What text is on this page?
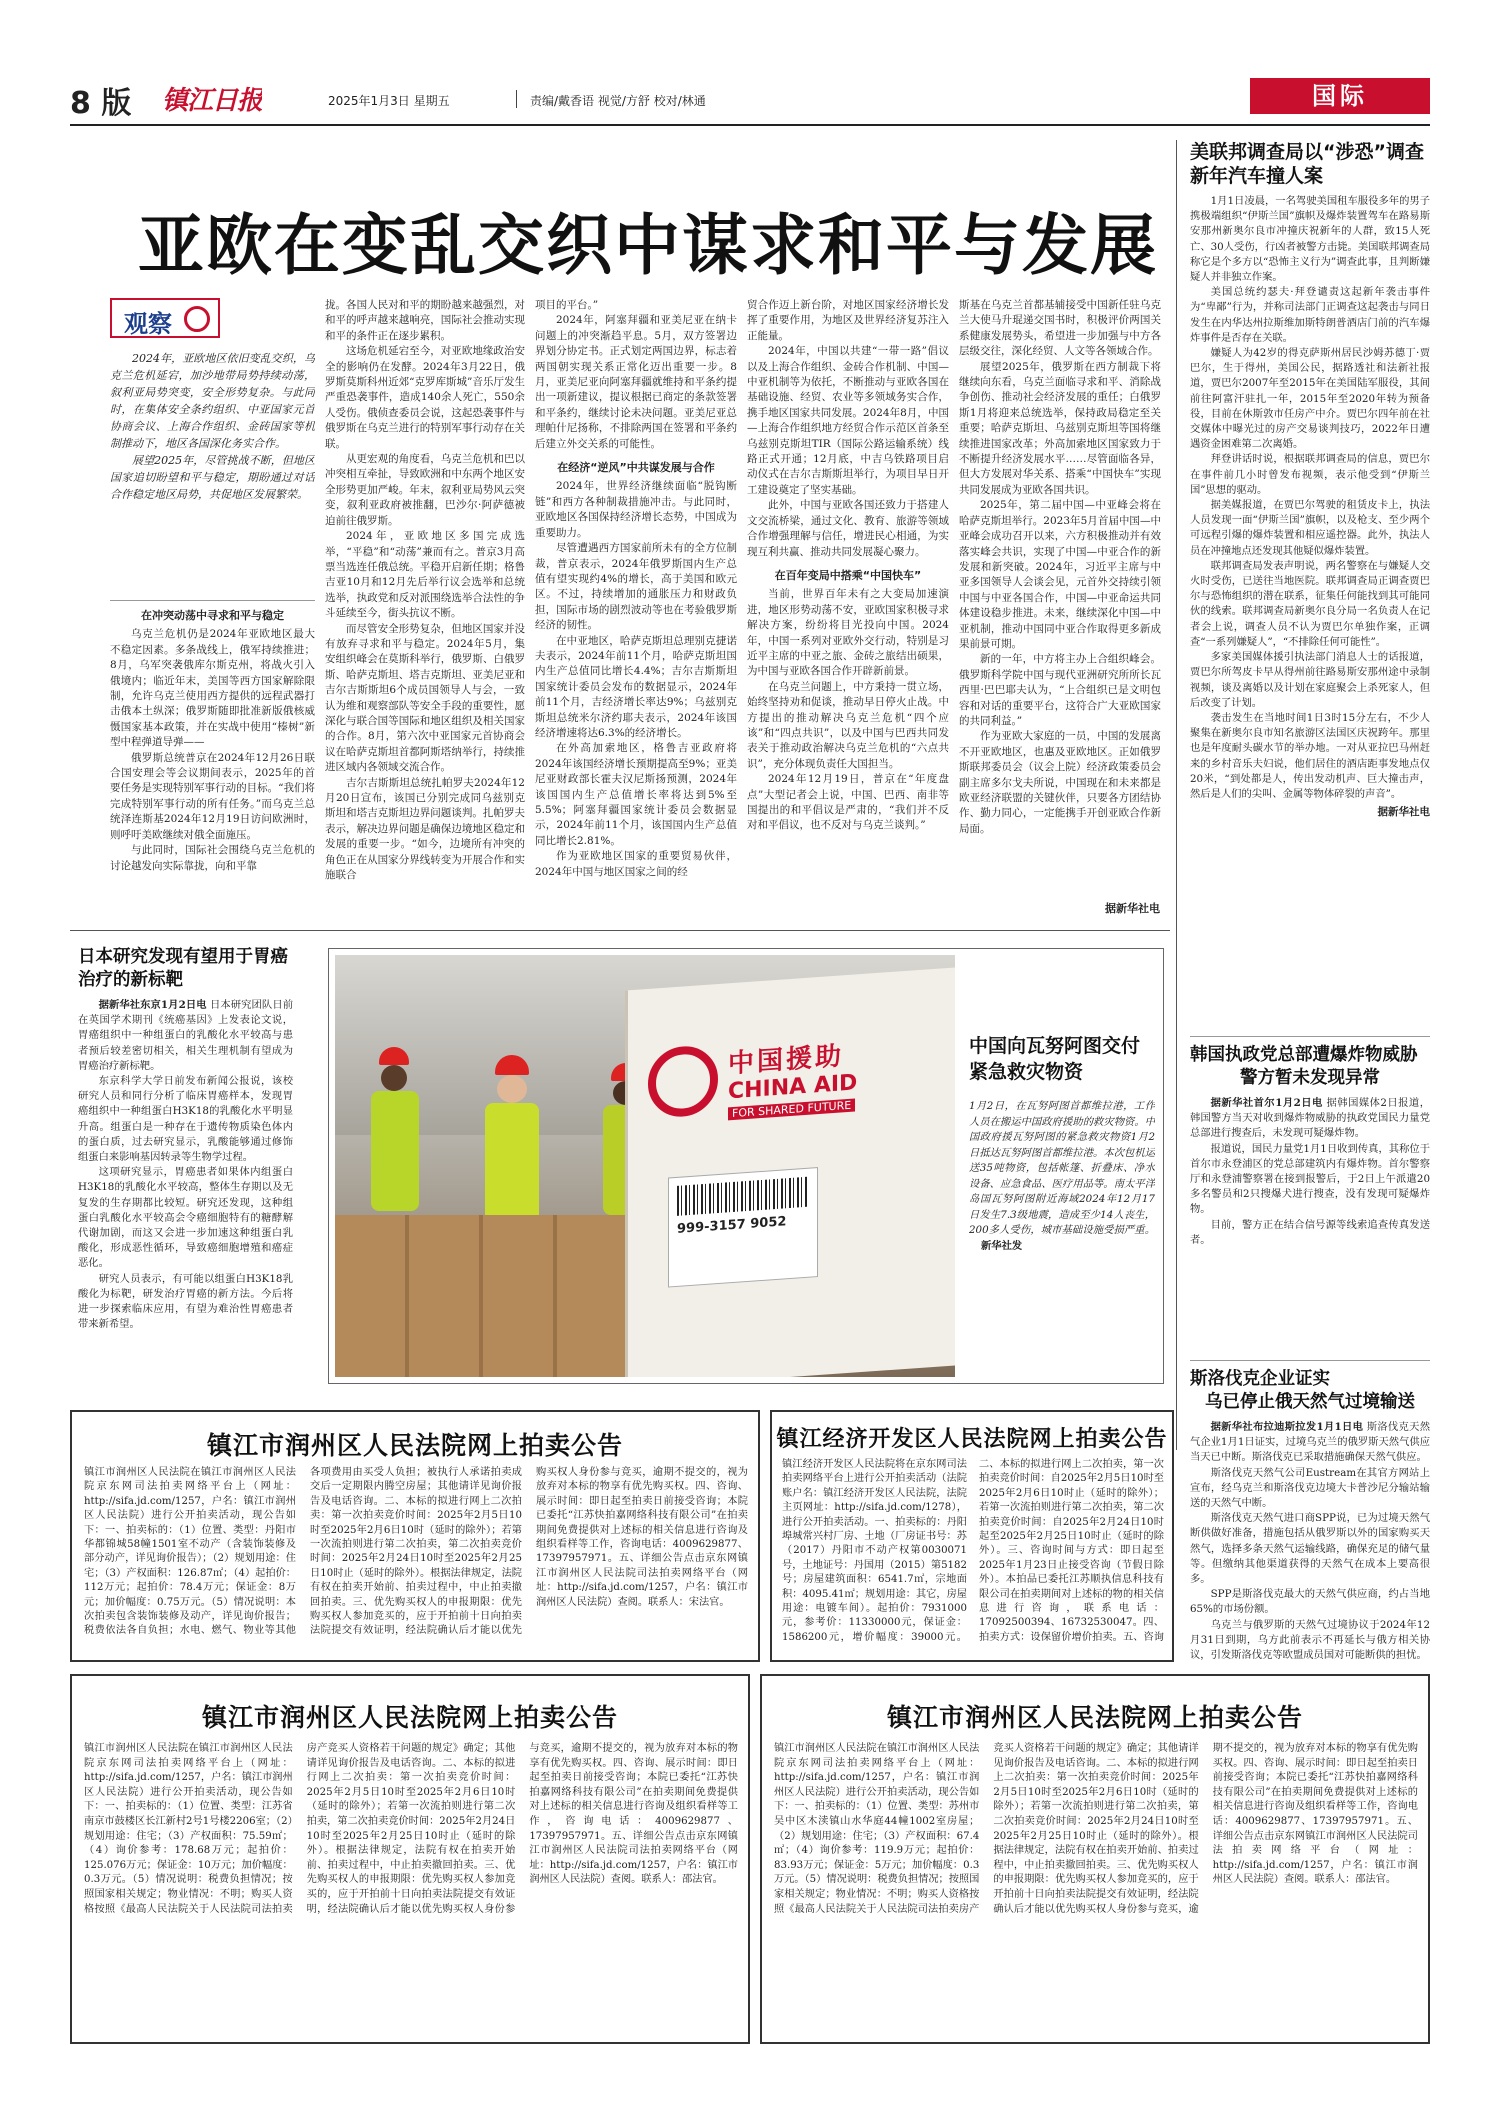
8 版 镇江日报	2025年1月3日 星期五	责编/戴香语 视觉/方舒 校对/林通	国际
亚欧在变乱交织中谋求和平与发展
观察

2024年，亚欧地区依旧变乱交织，乌克兰危机延宕，加沙地带局势持续动荡，叙利亚局势突变，安全形势复杂。与此同时，在集体安全条约组织、中亚国家元首协商会议、上海合作组织、金砖国家等机制推动下，地区各国深化务实合作。

展望2025年，尽管挑战不断，但地区国家追切盼望和平与稳定，期盼通过对话合作稳定地区局势，共促地区发展繁荣。

在冲突动荡中寻求和平与稳定

乌克兰危机仍是2024年亚欧地区最大不稳定因素。多条战线上，俄军持续推进；8月，乌军突袭俄库尔斯克州，将战火引入俄境内；临近年末，美国等西方国家解除限制，允许乌克兰使用西方提供的远程武器打击俄本土纵深；俄罗斯随即批准新版俄核威慑国家基本政策，并在实战中使用“榛树”新型中程弹道导弹——

俄罗斯总统普京在2024年12月26日联合国安理会等会议期间表示，2025年的首要任务是实现特别军事行动的目标。“我们将完成特别军事行动的所有任务。”而乌克兰总统泽连斯基2024年12月19日访问欧洲时，则呼吁美欧继续对俄全面施压。

与此同时，国际社会围绕乌克兰危机的讨论越发向实际靠拢，向和平靠

拢。各国人民对和平的期盼越来越强烈，对和平的呼声越来越响亮，国际社会推动实现和平的条件正在逐步累积。

这场危机延宕至今，对亚欧地缘政治安全的影响仍在发酵。2024年3月22日，俄罗斯莫斯科州近郊“克罗库斯城”音乐厅发生严重恐袭事件，造成140余人死亡，550余人受伤。俄侦查委员会说，这起恐袭事件与俄罗斯在乌克兰进行的特别军事行动存在关联。

从更宏观的角度看，乌克兰危机和巴以冲突相互牵扯，导致欧洲和中东两个地区安全形势更加严峻。年末，叙利亚局势风云突变，叙利亚政府被推翻，巴沙尔·阿萨德被迫前往俄罗斯。

2024年，亚欧地区多国完成选举，“平稳”和“动荡”兼而有之。普京3月高票当选连任俄总统。平稳开启新任期；格鲁吉亚10月和12月先后举行议会选举和总统选举，执政党和反对派围绕选举合法性的争斗延续至今，街头抗议不断。

而尽管安全形势复杂，但地区国家并没有放弃寻求和平与稳定。2024年5月，集安组织峰会在莫斯科举行，俄罗斯、白俄罗斯、哈萨克斯坦、塔吉克斯坦、亚美尼亚和吉尔吉斯斯坦6个成员国领导人与会，一致认为维和观察部队等安全手段的重要性，愿深化与联合国等国际和地区组织及相关国家的合作。8月，第六次中亚国家元首协商会议在哈萨克斯坦首都阿斯塔纳举行，持续推进区域内各领域交流合作。

吉尔吉斯斯坦总统扎帕罗夫2024年12月20日宣布，该国已分别完成同乌兹别克斯坦和塔吉克斯坦边界问题谈判。扎帕罗夫表示，解决边界问题是确保边境地区稳定和发展的重要一步。“如今，边境所有冲突的角色正在从国家分界线转变为开展合作和实施联合

项目的平台。”

2024年，阿塞拜疆和亚美尼亚在纳卡问题上的冲突渐趋平息。5月，双方签署边界划分协定书。正式划定两国边界，标志着两国朝实现关系正常化迈出重要一步。8月，亚美尼亚向阿塞拜疆就维持和平条约提出一项新建议，提议根据已商定的条款签署和平条约，继续讨论未决问题。亚美尼亚总理帕什尼扬称，不排除两国在签署和平条约后建立外交关系的可能性。

在经济“逆风”中共谋发展与合作

2024年，世界经济继续面临“脱钩断链”和西方各种制裁措施冲击。与此同时，亚欧地区各国保持经济增长态势，中国成为重要助力。

尽管遭遇西方国家前所未有的全方位制裁，普京表示，2024年俄罗斯国内生产总值有望实现约4%的增长，高于美国和欧元区。不过，持续增加的通胀压力和财政负担，国际市场的剧烈波动等也在考验俄罗斯经济的韧性。

在中亚地区，哈萨克斯坦总理别克捷诺夫表示，2024年前11个月，哈萨克斯坦国内生产总值同比增长4.4%；吉尔吉斯斯坦国家统计委员会发布的数据显示，2024年前11个月，吉经济增长率达9%；乌兹别克斯坦总统米尔济约耶夫表示，2024年该国经济增速将达6.3%的经济增长。

在外高加索地区，格鲁吉亚政府将2024年该国经济增长预期提高至9%；亚美尼亚财政部长霍夫汉尼斯扬预测，2024年该国国内生产总值增长率将达到5%至5.5%；阿塞拜疆国家统计委员会数据显示，2024年前11个月，该国国内生产总值同比增长2.81%。

作为亚欧地区国家的重要贸易伙伴，2024年中国与地区国家之间的经

贸合作迈上新台阶，对地区国家经济增长发挥了重要作用，为地区及世界经济复苏注入正能量。

2024年，中国以共建“一带一路”倡议以及上海合作组织、金砖合作机制、中国—中亚机制等为依托，不断推动与亚欧各国在基础设施、经贸、农业等多领域务实合作，携手地区国家共同发展。2024年8月，中国—上海合作组织地方经贸合作示范区首条至乌兹别克斯坦TIR（国际公路运输系统）线路正式开通；12月底，中吉乌铁路项目启动仪式在吉尔吉斯斯坦举行，为项目早日开工建设奠定了坚实基础。

此外，中国与亚欧各国还致力于搭建人文交流桥梁，通过文化、教育、旅游等领域合作增强理解与信任，增进民心相通，为实现互利共赢、推动共同发展凝心聚力。

在百年变局中搭乘“中国快车”

当前，世界百年未有之大变局加速演进，地区形势动荡不安，亚欧国家积极寻求解决方案，纷纷将目光投向中国。2024年，中国一系列对亚欧外交行动，特别是习近平主席的中亚之旅、金砖之旅结出硕果，为中国与亚欧各国合作开辟新前景。

在乌克兰问题上，中方秉持一贯立场，始终坚持劝和促谈，推动早日停火止战。中方提出的推动解决乌克兰危机“四个应该”和“四点共识”，以及中国与巴西共同发表关于推动政治解决乌克兰危机的“六点共识”，充分体现负责任大国担当。

2024年12月19日，普京在“年度盘点”大型记者会上说，中国、巴西、南非等国提出的和平倡议是严肃的，“我们并不反对和平倡议，也不反对与乌克兰谈判。”

斯基在乌克兰首都基辅接受中国新任驻乌克兰大使马升琨递交国书时，积极评价两国关系健康发展势头，希望进一步加强与中方各层级交往，深化经贸、人文等各领域合作。

展望2025年，俄罗斯在西方制裁下将继续向东看，乌克兰面临寻求和平、消除战争创伤、推动社会经济发展的重任；白俄罗斯1月将迎来总统选举，保持政局稳定至关重要；哈萨克斯坦、乌兹别克斯坦等国将继续推进国家改革；外高加索地区国家致力于不断提升经济发展水平……尽管面临各异，但大方发展对华关系、搭乘“中国快车”实现共同发展成为亚欧各国共识。

2025年，第二届中国—中亚峰会将在哈萨克斯坦举行。2023年5月首届中国—中亚峰会成功召开以来，六方积极推动并有效落实峰会共识，实现了中国—中亚合作的新发展和新突破。2024年，习近平主席与中亚多国领导人会谈会见，元首外交持续引领中国与中亚各国合作，中国—中亚命运共同体建设稳步推进。未来，继续深化中国—中亚机制，推动中国同中亚合作取得更多新成果前景可期。

新的一年，中方将主办上合组织峰会。俄罗斯科学院中国与现代亚洲研究所所长瓦西里·巴巴耶夫认为，“上合组织已是文明包容和对话的重要平台，这符合广大亚欧国家的共同利益。”

作为亚欧大家庭的一员，中国的发展离不开亚欧地区，也惠及亚欧地区。正如俄罗斯联邦委员会（议会上院）经济政策委员会副主席多尔戈夫所说，中国现在和未来都是欧亚经济联盟的关键伙伴，只要各方团结协作、勤力同心，一定能携手开创亚欧合作新局面。

据新华社电
美联邦调查局以“涉恐”调查新年汽车撞人案

1月1日凌晨，一名驾驶美国租车服役多年的男子携极端组织“伊斯兰国”旗帜及爆炸装置驾车在路易斯安那州新奥尔良市冲撞庆祝新年的人群，致15人死亡、30人受伤，行凶者被警方击毙。美国联邦调查局称它是个多方以“恐怖主义行为”调查此事，且判断嫌疑人并非独立作案。

美国总统约瑟夫·拜登谴责这起新年袭击事件为“卑鄙”行为，并称司法部门正调查这起袭击与同日发生在内华达州拉斯维加斯特朗普酒店门前的汽车爆炸事件是否存在关联。

嫌疑人为42岁的得克萨斯州居民沙姆苏德丁·贾巴尔，生于得州，美国公民，据路透社和法新社报道，贾巴尔2007年至2015年在美国陆军服役，其间前往阿富汗驻扎一年，2015年至2020年转为预备役，目前在休斯敦市任房产中介。贾巴尔四年前在社交媒体中曝光过的房产交易谈判技巧，2022年日遭遇资金困难第二次离婚。

拜登讲话时说，根据联邦调查局的信息，贾巴尔在事件前几小时曾发布视频，表示他受到“伊斯兰国”思想的驱动。

据美媒报道，在贾巴尔驾驶的租赁皮卡上，执法人员发现一面“伊斯兰国”旗帜，以及枪支、至少两个可远程引爆的爆炸装置和相应遥控器。此外，执法人员在冲撞地点还发现其他疑似爆炸装置。

联邦调查局发表声明说，两名警察在与嫌疑人交火时受伤，已送往当地医院。联邦调查局正调查贾巴尔与恐怖组织的潜在联系，征集任何能找到其可能同伙的线索。联邦调查局新奥尔良分局一名负责人在记者会上说，调查人员不认为贾巴尔单独作案，正调查“一系列嫌疑人”，“不排除任何可能性”。

多家美国媒体援引执法部门消息人士的话报道，贾巴尔所驾皮卡早从得州前往路易斯安那州途中录制视频，谈及离婚以及计划在家庭聚会上杀死家人，但后改变了计划。

袭击发生在当地时间1日3时15分左右，不少人聚集在新奥尔良市知名旅游区法国区庆祝跨年。那里也是年度耐头碳水节的举办地。一对从亚拉巴马州赶来的乡村音乐夫妇说，他们居住的酒店距事发地点仅20米，“到处都是人，传出发动机声、巨大撞击声，然后是人们的尖叫、金属等物体碎裂的声音”。

据新华社电
韩国执政党总部遭爆炸物威胁
警方暂未发现异常

据新华社首尔1月2日电 据韩国媒体2日报道，韩国警方当天对收到爆炸物威胁的执政党国民力量党总部进行搜查后，未发现可疑爆炸物。

报道说，国民力量党1月1日收到传真，其称位于首尔市永登浦区的党总部建筑内有爆炸物。首尔警察厅和永登浦警察署在接到报警后，于2日上午派遣20多名警员和2只搜爆犬进行搜查，没有发现可疑爆炸物。

目前，警方正在结合信号源等线索追查传真发送者。

斯洛伐克企业证实
乌已停止俄天然气过境输送

据新华社布拉迪斯拉发1月1日电 斯洛伐克天然气企业1月1日证实，过境乌克兰的俄罗斯天然气供应当天已中断。斯洛伐克已采取措施确保天然气供应。

斯洛伐克天然气公司Eustream在其官方网站上宣布，经乌克兰和斯洛伐克边境大卡普沙尼分输站输送的天然气中断。

斯洛伐克天然气进口商SPP说，已为过境天然气断供做好准备，措施包括从俄罗斯以外的国家购买天然气，选择多条天然气运输线路，确保充足的储气量等。但缴纳其他渠道获得的天然气在成本上要高很多。

SPP是斯洛伐克最大的天然气供应商，约占当地65%的市场份额。

乌克兰与俄罗斯的天然气过境协议于2024年12月31日到期，乌方此前表示不再延长与俄方相关协议，引发斯洛伐克等欧盟成员国对可能断供的担忧。

日本研究发现有望用于胃癌治疗的新标靶

据新华社东京1月2日电 日本研究团队日前在英国学术期刊《统癌基因》上发表论文说，胃癌组织中一种组蛋白的乳酸化水平较高与患者预后较差密切相关，相关生理机制有望成为胃癌治疗新标靶。

东京科学大学日前发布新闻公报说，该校研究人员和同行分析了临床胃癌样本，发现胃癌组织中一种组蛋白H3K18的乳酸化水平明显升高。组蛋白是一种存在于遗传物质染色体内的蛋白质，过去研究显示，乳酸能够通过修饰组蛋白来影响基因转录等生物学过程。

这项研究显示，胃癌患者如果体内组蛋白H3K18的乳酸化水平较高，整体生存期以及无复发的生存期都比较短。研究还发现，这种组蛋白乳酸化水平较高会令癌细胞特有的糖酵解代谢加剧，而这又会进一步加速这种组蛋白乳酸化，形成恶性循环，导致癌细胞增殖和癌症恶化。

研究人员表示，有可能以组蛋白H3K18乳酸化为标靶，研发治疗胃癌的新方法。今后将进一步探索临床应用，有望为难治性胃癌患者带来新希望。

中国援助
CHINA AID
FOR SHARED FUTURE
999-3157 9052
中国向瓦努阿图交付紧急救灾物资
1月2日，在瓦努阿图首都维拉港，工作人员在搬运中国政府援助的救灾物资。中国政府援瓦努阿图的紧急救灾物资1月2日抵达瓦努阿图首都维拉港。本次包机运送35吨物资，包括帐篷、折叠床、净水设备、应急食品、医疗用品等。南太平洋岛国瓦努阿图附近海域2024年12月17日发生7.3级地震，造成至少14人丧生，200多人受伤，城市基础设施受损严重。 新华社发
镇江市润州区人民法院网上拍卖公告
镇江市润州区人民法院在镇江市润州区人民法院京东网司法拍卖网络平台上（网址：http://sifa.jd.com/1257，户名：镇江市润州区人民法院）进行公开拍卖活动，现公告如下：一、拍卖标的：（1）位置、类型：丹阳市华都锦城58幢1501室不动产（含装饰装修及部分动产，详见询价报告）；（2）规划用途：住宅；（3）产权面积：126.87㎡；（4）起拍价：112万元；起拍价：78.4万元；保证金：8万元；加价幅度：0.75万元。（5）情况说明：本次拍卖包含装饰装修及动产，详见询价报告；税费依法各自负担；水电、燃气、物业等其他各项费用由买受人负担；被执行人承诺拍卖成交后一定期限内腾空房屋；其他请详见询价报告及电话咨询。二、本标的拟进行网上二次拍卖：第一次拍卖竞价时间：2025年2月5日10时至2025年2月6日10时（延时的除外）；若第一次流拍则进行第二次拍卖，第二次拍卖竞价时间：2025年2月24日10时至2025年2月25日10时止（延时的除外）。根据法律规定，法院有权在拍卖开始前、拍卖过程中，中止拍卖撤回拍卖。三、优先购买权人的申报期限：优先购买权人参加竞买的，应于开拍前十日向拍卖法院提交有效证明，经法院确认后才能以优先购买权人身份参与竞买，逾期不提交的，视为放弃对本标的物享有优先购买权。四、咨询、展示时间：即日起至拍卖日前接受咨询；本院已委托“江苏快拍嘉网络科技有限公司”在拍卖期间免费提供对上述标的相关信息进行咨询及组织看样等工作，咨询电话：4009629877、17397957971。五、详细公告点击京东网镇江市润州区人民法院司法拍卖网络平台（网址：http://sifa.jd.com/1257，户名：镇江市润州区人民法院）查阅。联系人：宋法官。
镇江经济开发区人民法院网上拍卖公告
镇江经济开发区人民法院将在京东网司法拍卖网络平台上进行公开拍卖活动（法院账户名：镇江经济开发区人民法院，法院主页网址：http://sifa.jd.com/1278），进行公开拍卖活动。一、拍卖标的：丹阳埠城常兴村厂房、土地（厂房证书号：苏（2017）丹阳市不动产权第0030071号，土地证号：丹国用（2015）第5182号；房屋建筑面积：6541.7㎡，宗地面积：4095.41㎡；规划用途：其它，房屋用途：电镀车间）。起拍价：7931000元，参考价：11330000元，保证金：1586200元，增价幅度：39000元。二、本标的拟进行网上二次拍卖，第一次拍卖竞价时间：自2025年2月5日10时至2025年2月6日10时止（延时的除外）；若第一次流拍则进行第二次拍卖，第二次拍卖竞价时间：自2025年2月24日10时起至2025年2月25日10时止（延时的除外）。三、咨询时间与方式：即日起至2025年1月23日止接受咨询（节假日除外）。本拍品已委托江苏顺执信息科技有限公司在拍卖期间对上述标的物的相关信息进行咨询，联系电话：17092500394、16732530047。四、拍卖方式：设保留价增价拍卖。五、咨询
镇江市润州区人民法院网上拍卖公告
镇江市润州区人民法院在镇江市润州区人民法院京东网司法拍卖网络平台上（网址：http://sifa.jd.com/1257，户名：镇江市润州区人民法院）进行公开拍卖活动，现公告如下：一、拍卖标的：（1）位置、类型：江苏省南京市鼓楼区长江新村2号1号楼2206室；（2）规划用途：住宅；（3）产权面积：75.59㎡；（4）询价参考：178.68万元；起拍价：125.076万元；保证金：10万元；加价幅度：0.3万元。（5）情况说明：税费负担情况；按照国家相关规定；物业情况：不明；购买人资格按照《最高人民法院关于人民法院司法拍卖房产竞买人资格若干问题的规定》确定；其他请详见询价报告及电话咨询。二、本标的拟进行网上二次拍卖：第一次拍卖竞价时间：2025年2月5日10时至2025年2月6日10时（延时的除外）；若第一次流拍则进行第二次拍卖，第二次拍卖竞价时间：2025年2月24日10时至2025年2月25日10时止（延时的除外）。根据法律规定，法院有权在拍卖开始前、拍卖过程中，中止拍卖撤回拍卖。三、优先购买权人的申报期限：优先购买权人参加竞买的，应于开拍前十日向拍卖法院提交有效证明，经法院确认后才能以优先购买权人身份参与竞买，逾期不提交的，视为放弃对本标的物享有优先购买权。四、咨询、展示时间：即日起至拍卖日前接受咨询；本院已委托“江苏快拍嘉网络科技有限公司”在拍卖期间免费提供对上述标的相关信息进行咨询及组织看样等工作，咨询电话：4009629877、17397957971。五、详细公告点击京东网镇江市润州区人民法院司法拍卖网络平台（网址：http://sifa.jd.com/1257，户名：镇江市润州区人民法院）查阅。联系人：邵法官。
镇江市润州区人民法院网上拍卖公告
镇江市润州区人民法院在镇江市润州区人民法院京东网司法拍卖网络平台上（网址：http://sifa.jd.com/1257，户名：镇江市润州区人民法院）进行公开拍卖活动，现公告如下：一、拍卖标的：（1）位置、类型：苏州市吴中区木渎镇山水华庭44幢1002室房屋；（2）规划用途：住宅；（3）产权面积：67.4㎡；（4）询价参考：119.9万元；起拍价：83.93万元；保证金：5万元；加价幅度：0.3万元。（5）情况说明：税费负担情况；按照国家相关规定；物业情况：不明；购买人资格按照《最高人民法院关于人民法院司法拍卖房产竞买人资格若干问题的规定》确定；其他请详见询价报告及电话咨询。二、本标的拟进行网上二次拍卖：第一次拍卖竞价时间：2025年2月5日10时至2025年2月6日10时（延时的除外）；若第一次流拍则进行第二次拍卖，第二次拍卖竞价时间：2025年2月24日10时至2025年2月25日10时止（延时的除外）。根据法律规定，法院有权在拍卖开始前、拍卖过程中，中止拍卖撤回拍卖。三、优先购买权人的申报期限：优先购买权人参加竞买的，应于开拍前十日向拍卖法院提交有效证明，经法院确认后才能以优先购买权人身份参与竞买，逾期不提交的，视为放弃对本标的物享有优先购买权。四、咨询、展示时间：即日起至拍卖日前接受咨询；本院已委托“江苏快拍嘉网络科技有限公司”在拍卖期间免费提供对上述标的相关信息进行咨询及组织看样等工作，咨询电话：4009629877、17397957971。五、详细公告点击京东网镇江市润州区人民法院司法拍卖网络平台（网址：http://sifa.jd.com/1257，户名：镇江市润州区人民法院）查阅。联系人：邵法官。
